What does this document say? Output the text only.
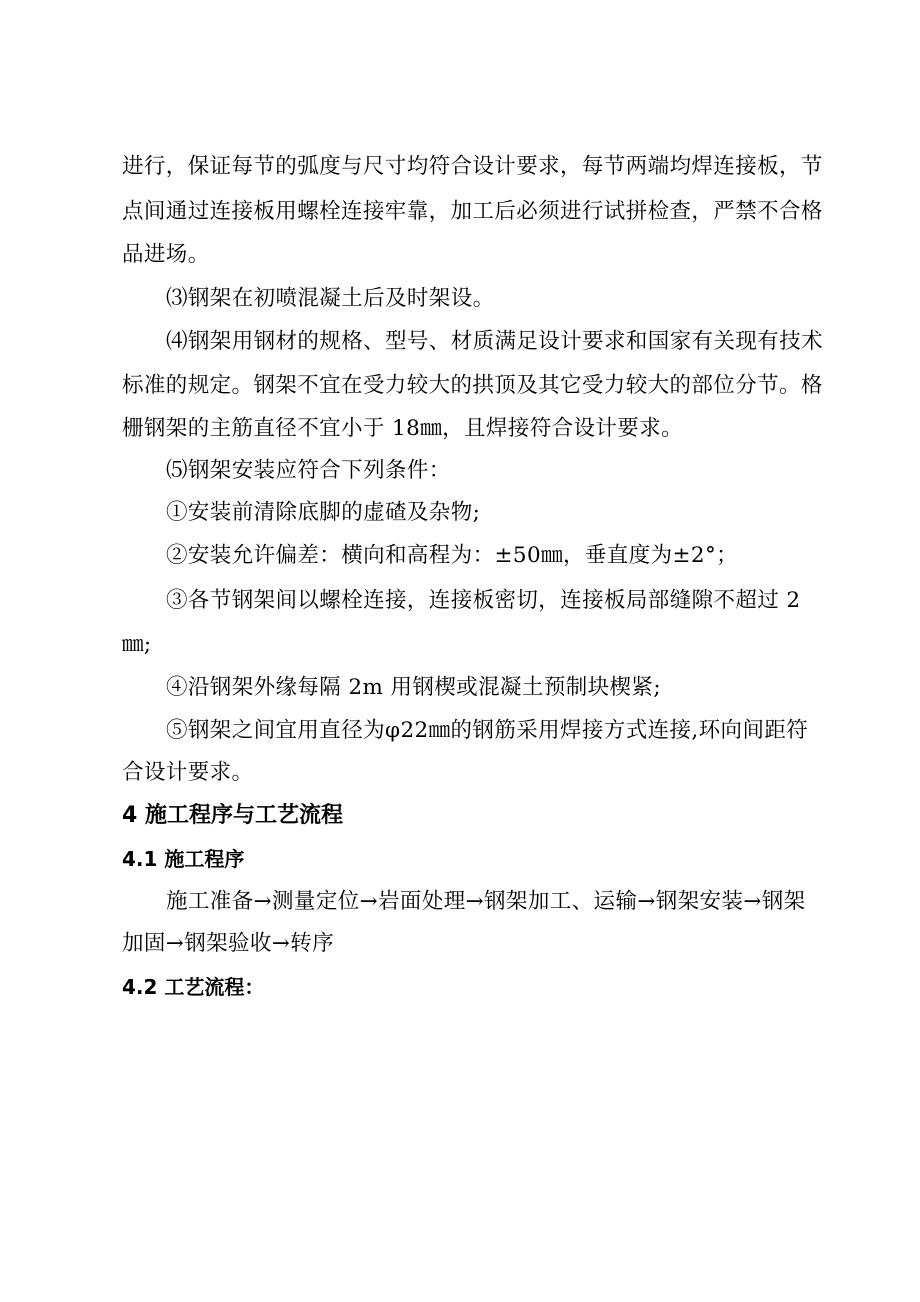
进行，保证每节的弧度与尺寸均符合设计要求，每节两端均焊连接板，节
点间通过连接板用螺栓连接牢靠，加工后必须进行试拼检查，严禁不合格
品进场。
⑶钢架在初喷混凝土后及时架设。
⑷钢架用钢材的规格、型号、材质满足设计要求和国家有关现有技术
标准的规定。钢架不宜在受力较大的拱顶及其它受力较大的部位分节。格
栅钢架的主筋直径不宜小于 18㎜，且焊接符合设计要求。
⑸钢架安装应符合下列条件：
①安装前清除底脚的虚碴及杂物;
②安装允许偏差：横向和高程为：±50㎜，垂直度为±2°；
③各节钢架间以螺栓连接，连接板密切，连接板局部缝隙不超过 2
㎜;
④沿钢架外缘每隔 2m 用钢楔或混凝土预制块楔紧;
⑤钢架之间宜用直径为φ22㎜的钢筋采用焊接方式连接,环向间距符
合设计要求。
4 施工程序与工艺流程
4.1 施工程序
施工准备→测量定位→岩面处理→钢架加工、运输→钢架安装→钢架
加固→钢架验收→转序
4.2 工艺流程：
